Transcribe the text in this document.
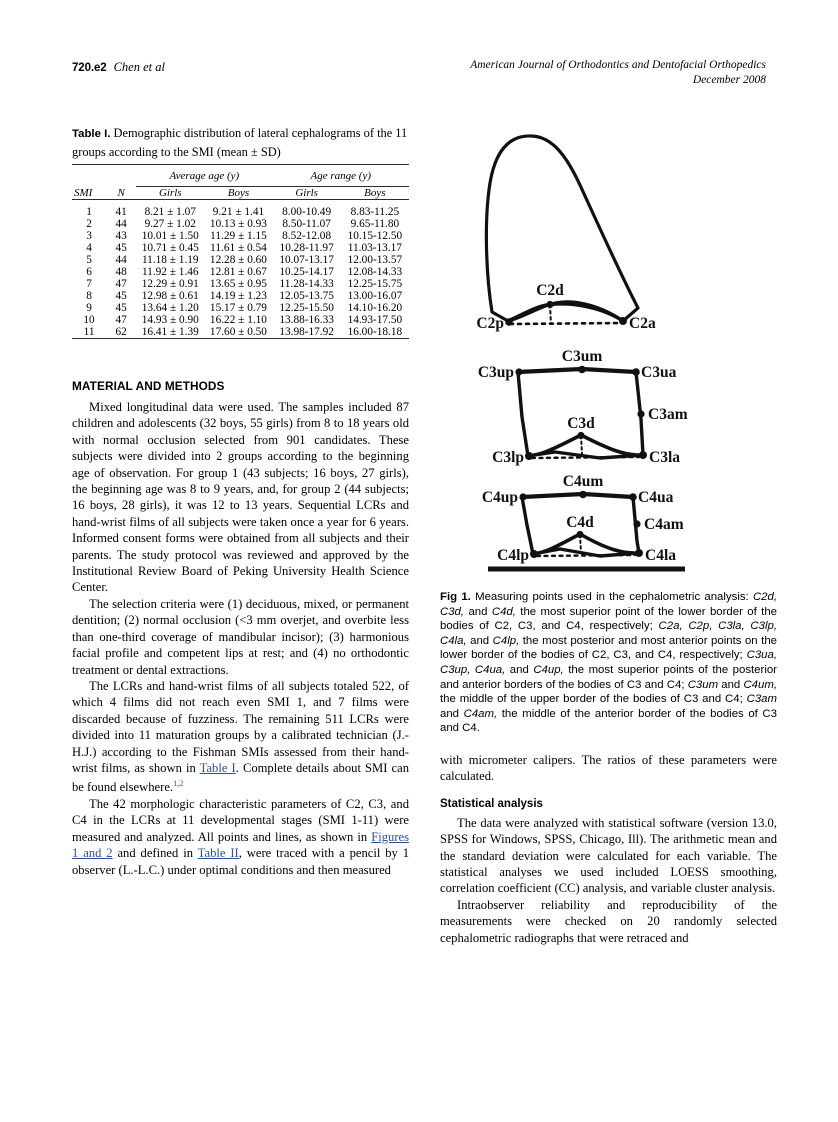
720.e2 Chen et al	American Journal of Orthodontics and Dentofacial Orthopedics
December 2008
Table I. Demographic distribution of lateral cephalograms of the 11 groups according to the SMI (mean ± SD)

		Average age (y)		Age range (y)	

SMI	N	Girls	Boys	Girls	Boys

1	41	8.21 ± 1.07	9.21 ± 1.41	8.00-10.49	8.83-11.25
2	44	9.27 ± 1.02	10.13 ± 0.93	8.50-11.07	9.65-11.80
3	43	10.01 ± 1.50	11.29 ± 1.15	8.52-12.08	10.15-12.50
4	45	10.71 ± 0.45	11.61 ± 0.54	10.28-11.97	11.03-13.17
5	44	11.18 ± 1.19	12.28 ± 0.60	10.07-13.17	12.00-13.57
6	48	11.92 ± 1.46	12.81 ± 0.67	10.25-14.17	12.08-14.33
7	47	12.29 ± 0.91	13.65 ± 0.95	11.28-14.33	12.25-15.75
8	45	12.98 ± 0.61	14.19 ± 1.23	12.05-13.75	13.00-16.07
9	45	13.64 ± 1.20	15.17 ± 0.79	12.25-15.50	14.10-16.20
10	47	14.93 ± 0.90	16.22 ± 1.10	13.88-16.33	14.93-17.50
11	62	16.41 ± 1.39	17.60 ± 0.50	13.98-17.92	16.00-18.18

MATERIAL AND METHODS

Mixed longitudinal data were used. The samples included 87 children and adolescents (32 boys, 55 girls) from 8 to 18 years old with normal occlusion selected from 901 candidates. These subjects were divided into 2 groups according to the beginning age of observation. For group 1 (43 subjects; 16 boys, 27 girls), the beginning age was 8 to 9 years, and, for group 2 (44 subjects; 16 boys, 28 girls), it was 12 to 13 years. Sequential LCRs and hand-wrist films of all subjects were taken once a year for 6 years. Informed consent forms were obtained from all subjects and their parents. The study protocol was reviewed and approved by the Institutional Review Board of Peking University Health Science Center.

The selection criteria were (1) deciduous, mixed, or permanent dentition; (2) normal occlusion (<3 mm overjet, and overbite less than one-third coverage of mandibular incisor); (3) harmonious facial profile and competent lips at rest; and (4) no orthodontic treatment or dental extractions.

The LCRs and hand-wrist films of all subjects totaled 522, of which 4 films did not reach even SMI 1, and 7 films were discarded because of fuzziness. The remaining 511 LCRs were divided into 11 maturation groups by a calibrated technician (J.-H.J.) according to the Fishman SMIs assessed from their hand-wrist films, as shown in Table I. Complete details about SMI can be found elsewhere.$^{1,2}$

The 42 morphologic characteristic parameters of C2, C3, and C4 in the LCRs at 11 developmental stages (SMI 1-11) were measured and analyzed. All points and lines, as shown in Figures 1 and 2 and defined in Table II, were traced with a pencil by 1 observer (L.-L.C.) under optimal conditions and then measured

C2d
C2p	C2a
C3um
C3up	C3ua
C3am
C3d
C3lp	C3la
C4um
C4up	C4ua
C4am
C4d
C4lp	C4la

Fig 1. Measuring points used in the cephalometric analysis: C2d, C3d, and C4d, the most superior point of the lower border of the bodies of C2, C3, and C4, respectively; C2a, C2p, C3la, C3lp, C4la, and C4lp, the most posterior and most anterior points on the lower border of the bodies of C2, C3, and C4, respectively; C3ua, C3up, C4ua, and C4up, the most superior points of the posterior and anterior borders of the bodies of C3 and C4; C3um and C4um, the middle of the upper border of the bodies of C3 and C4; C3am and C4am, the middle of the anterior border of the bodies of C3 and C4.

with micrometer calipers. The ratios of these parameters were calculated.

Statistical analysis

The data were analyzed with statistical software (version 13.0, SPSS for Windows, SPSS, Chicago, Ill). The arithmetic mean and the standard deviation were calculated for each variable. The statistical analyses we used included LOESS smoothing, correlation coefficient (CC) analysis, and variable cluster analysis.

Intraobserver reliability and reproducibility of the measurements were checked on 20 randomly selected cephalometric radiographs that were retraced and
